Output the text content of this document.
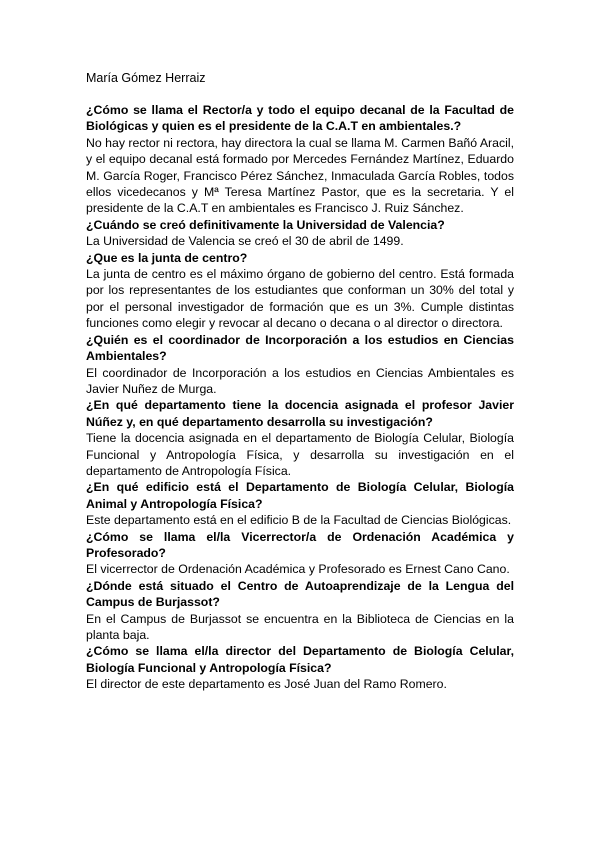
María Gómez Herraiz

¿Cómo se llama el Rector/a y todo el equipo decanal de la Facultad de Biológicas y quien es el presidente de la C.A.T en ambientales.?

No hay rector ni rectora, hay directora la cual se llama M. Carmen Bañó Aracil, y el equipo decanal está formado por Mercedes Fernández Martínez, Eduardo M. García Roger, Francisco Pérez Sánchez, Inmaculada García Robles, todos ellos vicedecanos y Mª Teresa Martínez Pastor, que es la secretaria. Y el presidente de la C.A.T en ambientales es Francisco J. Ruiz Sánchez.

¿Cuándo se creó definitivamente la Universidad de Valencia?

La Universidad de Valencia se creó el 30 de abril de 1499.

¿Que es la junta de centro?

La junta de centro es el máximo órgano de gobierno del centro. Está formada por los representantes de los estudiantes que conforman un 30% del total y por el personal investigador de formación que es un 3%. Cumple distintas funciones como elegir y revocar al decano o decana o al director o directora.

¿Quién es el coordinador de Incorporación a los estudios en Ciencias Ambientales?

El coordinador de Incorporación a los estudios en Ciencias Ambientales es Javier Nuñez de Murga.

¿En qué departamento tiene la docencia asignada el profesor Javier Núñez y, en qué departamento desarrolla su investigación?

Tiene la docencia asignada en el departamento de Biología Celular, Biología Funcional y Antropología Física, y desarrolla su investigación en el departamento de Antropología Física.

¿En qué edificio está el Departamento de Biología Celular, Biología Animal y Antropología Física?

Este departamento está en el edificio B de la Facultad de Ciencias Biológicas.

¿Cómo se llama el/la Vicerrector/a de Ordenación Académica y Profesorado?

El vicerrector de Ordenación Académica y Profesorado es Ernest Cano Cano.

¿Dónde está situado el Centro de Autoaprendizaje de la Lengua del Campus de Burjassot?

En el Campus de Burjassot se encuentra en la Biblioteca de Ciencias en la planta baja.

¿Cómo se llama el/la director del Departamento de Biología Celular, Biología Funcional y Antropología Física?

El director de este departamento es José Juan del Ramo Romero.
